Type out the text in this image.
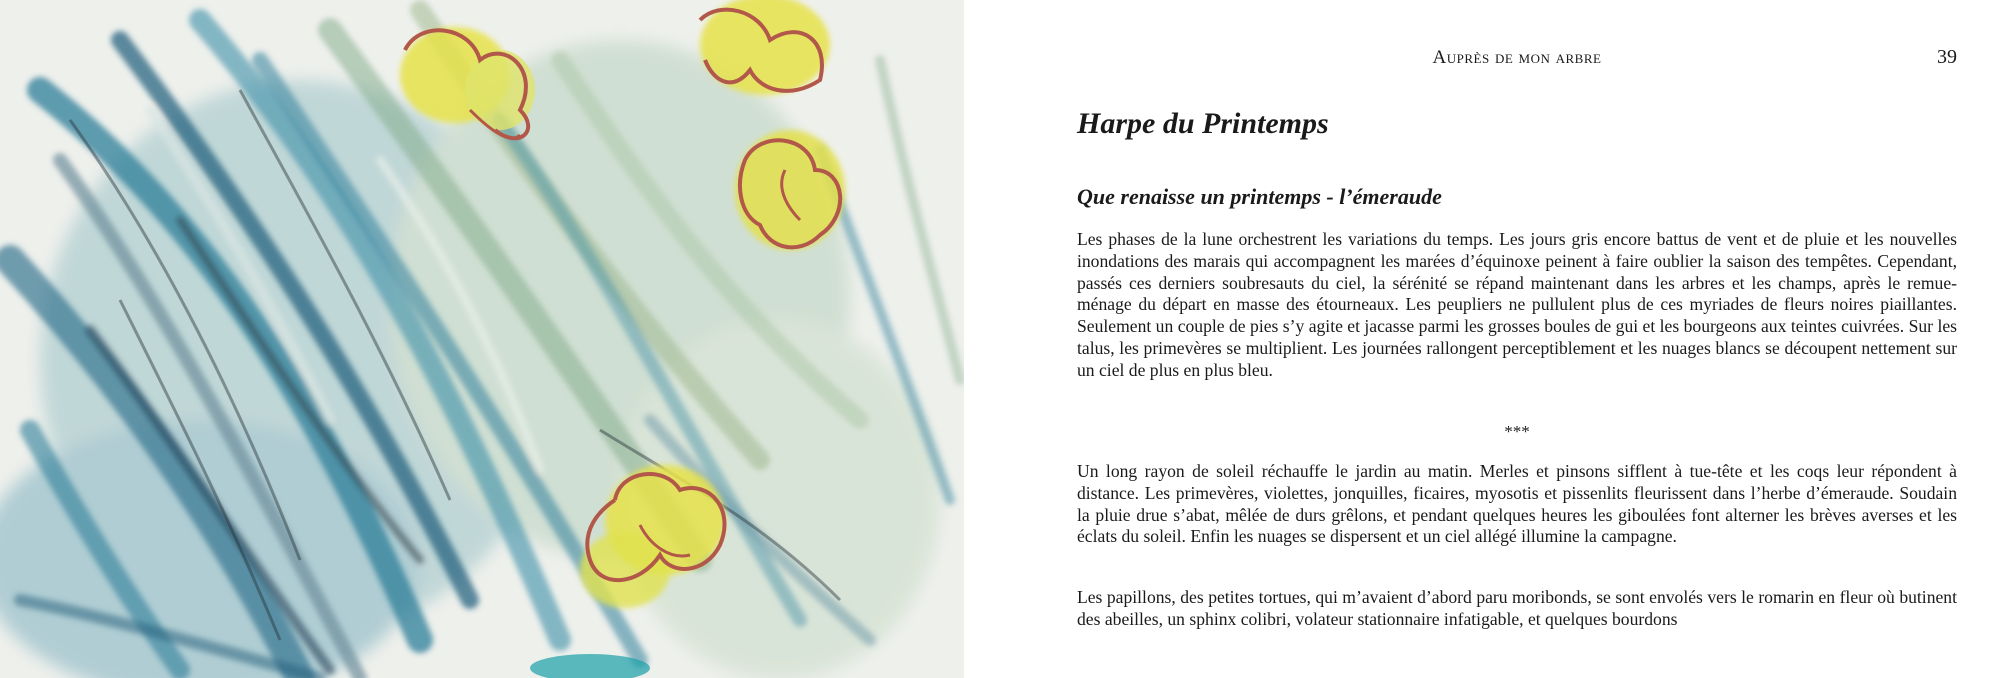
Auprès de mon arbre	39
Harpe du Printemps
Que renaisse un printemps - l’émeraude

Les phases de la lune orchestrent les variations du temps. Les jours gris encore battus de vent et de pluie et les nouvelles inondations des marais qui accompagnent les marées d’équinoxe peinent à faire oublier la saison des tempêtes. Cependant, passés ces derniers soubresauts du ciel, la sérénité se répand maintenant dans les arbres et les champs, après le remue-ménage du départ en masse des étourneaux. Les peupliers ne pullulent plus de ces myriades de fleurs noires piaillantes. Seulement un couple de pies s’y agite et jacasse parmi les grosses boules de gui et les bourgeons aux teintes cuivrées. Sur les talus, les primevères se multiplient. Les journées rallongent perceptiblement et les nuages blancs se découpent nettement sur un ciel de plus en plus bleu.

***

Un long rayon de soleil réchauffe le jardin au matin. Merles et pinsons sifflent à tue-tête et les coqs leur répondent à distance. Les primevères, violettes, jonquilles, ficaires, myosotis et pissenlits fleurissent dans l’herbe d’émeraude. Soudain la pluie drue s’abat, mêlée de durs grêlons, et pendant quelques heures les giboulées font alterner les brèves averses et les éclats du soleil. Enfin les nuages se dispersent et un ciel allégé illumine la campagne.

Les papillons, des petites tortues, qui m’avaient d’abord paru moribonds, se sont envolés vers le romarin en fleur où butinent des abeilles, un sphinx colibri, volateur stationnaire infatigable, et quelques bourdons
